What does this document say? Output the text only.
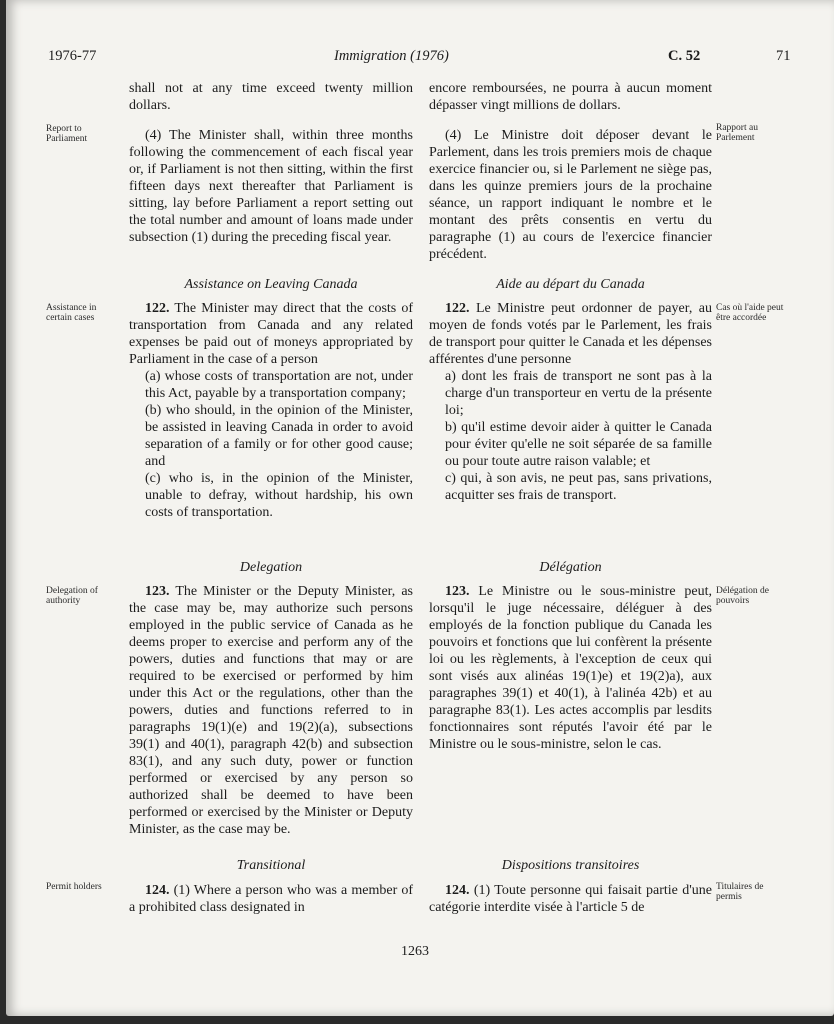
1976-77	Immigration (1976)	C. 52	71
Report to Parliament
Rapport au Parlement
Assistance in certain cases
Cas où l'aide peut être accordée
Delegation of authority
Délégation de pouvoirs
Permit holders	Titulaires de permis

shall not at any time exceed twenty million dollars.

(4) The Minister shall, within three months following the commencement of each fiscal year or, if Parliament is not then sitting, within the first fifteen days next thereafter that Parliament is sitting, lay before Parliament a report setting out the total number and amount of loans made under subsection (1) during the preceding fiscal year.

Assistance on Leaving Canada

122. The Minister may direct that the costs of transportation from Canada and any related expenses be paid out of moneys appropriated by Parliament in the case of a person

(a) whose costs of transportation are not, under this Act, payable by a transportation company;

(b) who should, in the opinion of the Minister, be assisted in leaving Canada in order to avoid separation of a family or for other good cause; and

(c) who is, in the opinion of the Minister, unable to defray, without hardship, his own costs of transportation.

Delegation

123. The Minister or the Deputy Minister, as the case may be, may authorize such persons employed in the public service of Canada as he deems proper to exercise and perform any of the powers, duties and functions that may or are required to be exercised or performed by him under this Act or the regulations, other than the powers, duties and functions referred to in paragraphs 19(1)(e) and 19(2)(a), subsections 39(1) and 40(1), paragraph 42(b) and subsection 83(1), and any such duty, power or function performed or exercised by any person so authorized shall be deemed to have been performed or exercised by the Minister or Deputy Minister, as the case may be.

Transitional

124. (1) Where a person who was a member of a prohibited class designated in

encore remboursées, ne pourra à aucun moment dépasser vingt millions de dollars.

(4) Le Ministre doit déposer devant le Parlement, dans les trois premiers mois de chaque exercice financier ou, si le Parlement ne siège pas, dans les quinze premiers jours de la prochaine séance, un rapport indiquant le nombre et le montant des prêts consentis en vertu du paragraphe (1) au cours de l'exercice financier précédent.

Aide au départ du Canada

122. Le Ministre peut ordonner de payer, au moyen de fonds votés par le Parlement, les frais de transport pour quitter le Canada et les dépenses afférentes d'une personne

a) dont les frais de transport ne sont pas à la charge d'un transporteur en vertu de la présente loi;

b) qu'il estime devoir aider à quitter le Canada pour éviter qu'elle ne soit séparée de sa famille ou pour toute autre raison valable; et

c) qui, à son avis, ne peut pas, sans privations, acquitter ses frais de transport.

Délégation

123. Le Ministre ou le sous-ministre peut, lorsqu'il le juge nécessaire, déléguer à des employés de la fonction publique du Canada les pouvoirs et fonctions que lui confèrent la présente loi ou les règlements, à l'exception de ceux qui sont visés aux alinéas 19(1)e) et 19(2)a), aux paragraphes 39(1) et 40(1), à l'alinéa 42b) et au paragraphe 83(1). Les actes accomplis par lesdits fonctionnaires sont réputés l'avoir été par le Ministre ou le sous-ministre, selon le cas.

Dispositions transitoires

124. (1) Toute personne qui faisait partie d'une catégorie interdite visée à l'article 5 de

1263
